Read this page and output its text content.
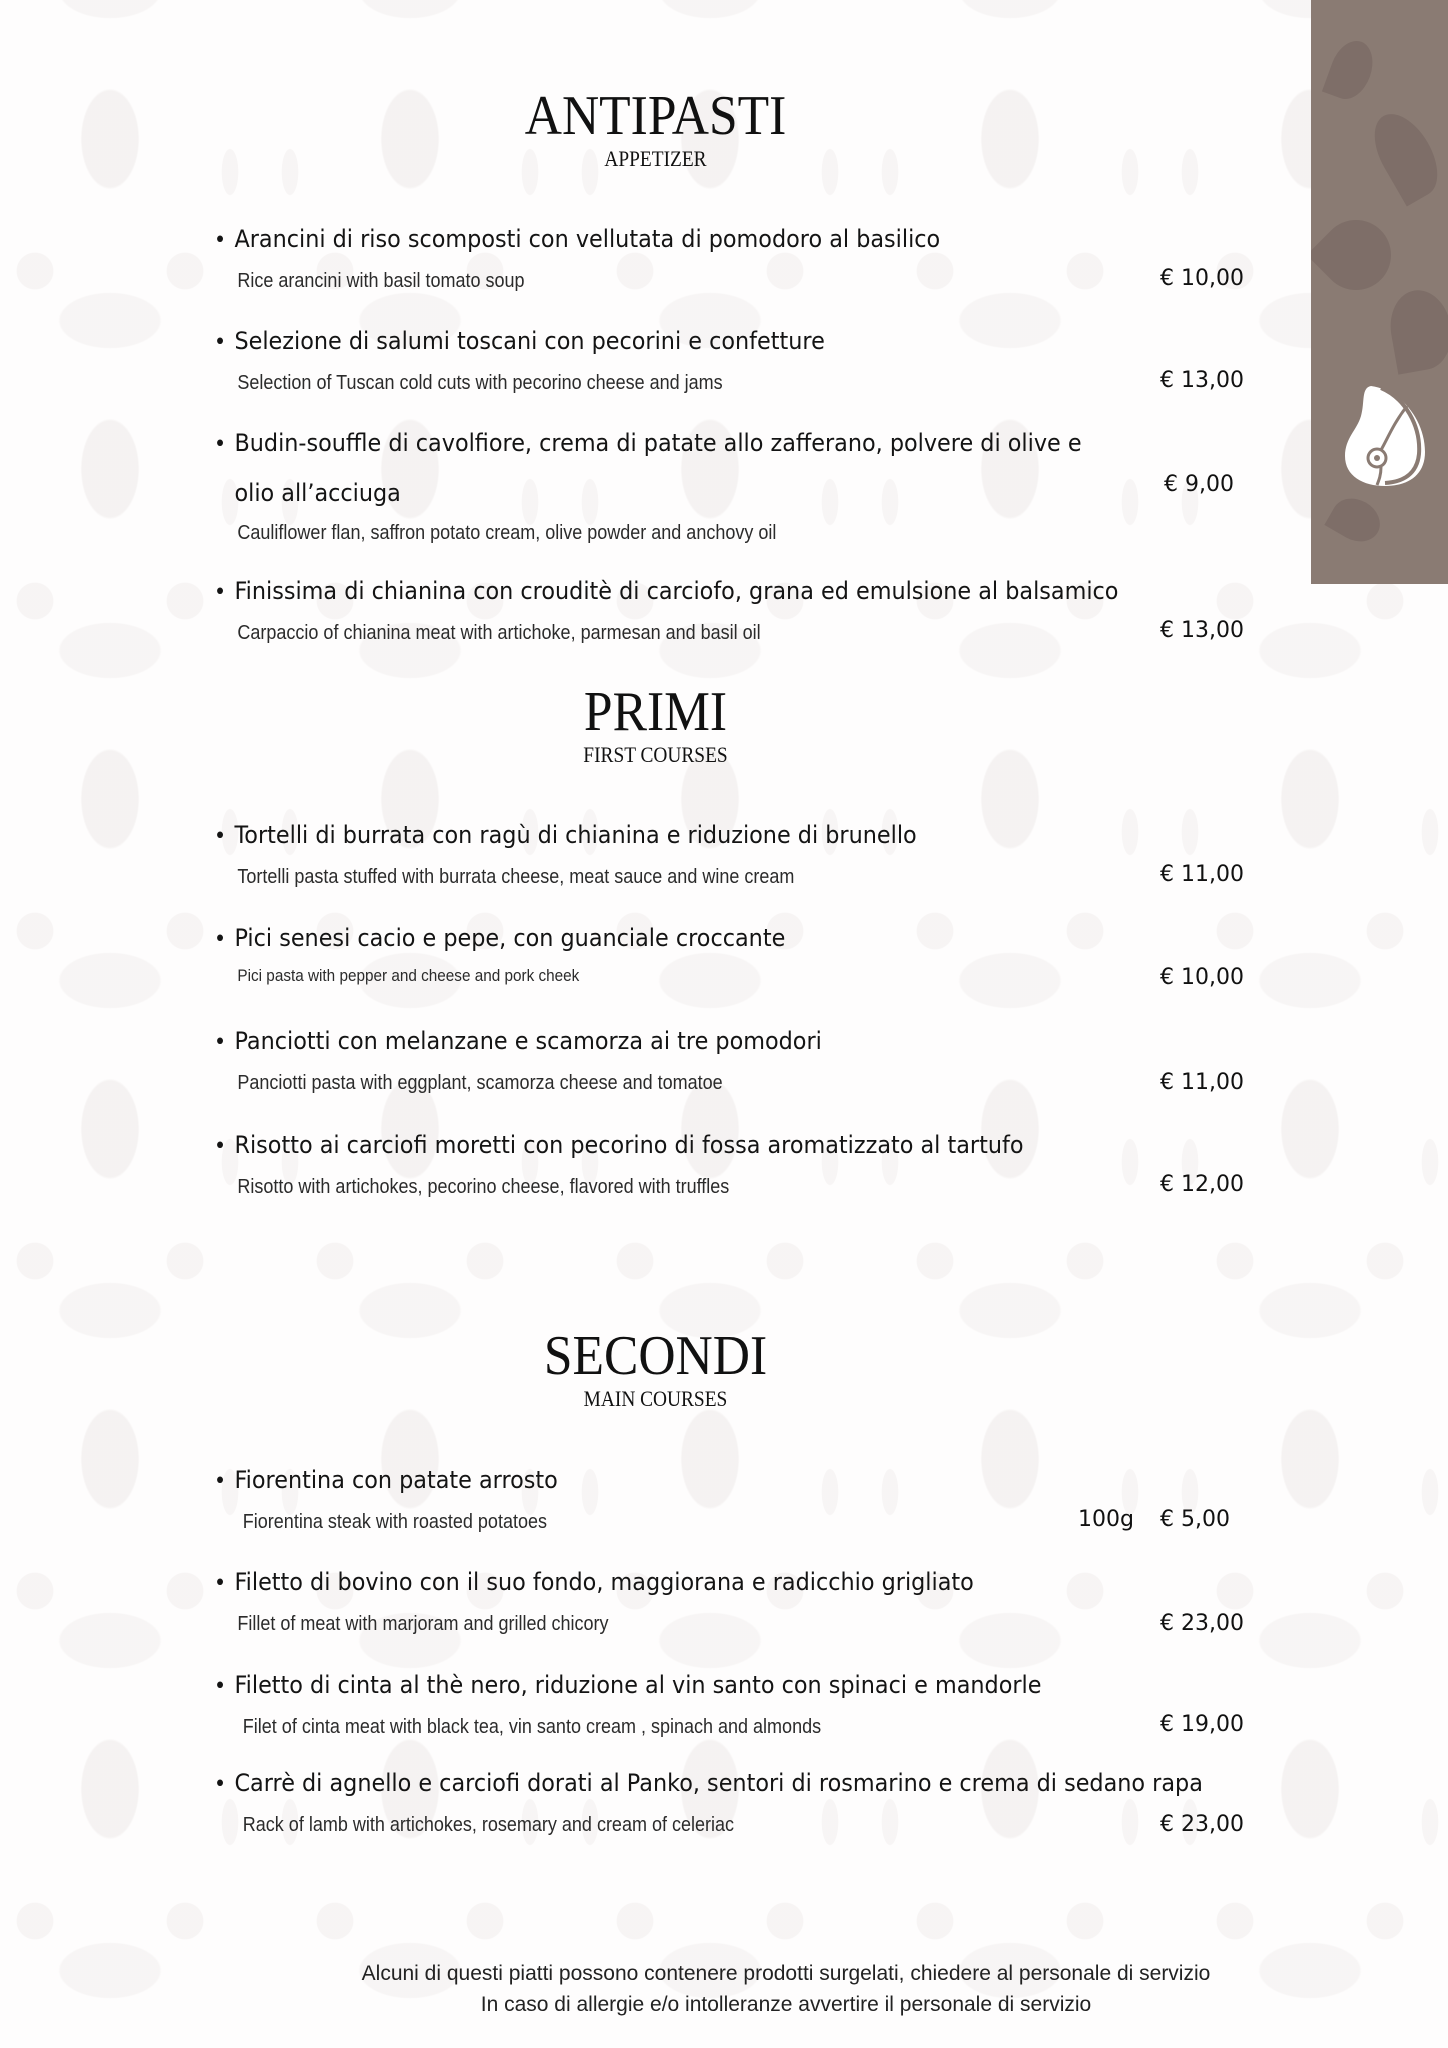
ANTIPASTI
APPETIZER
• Arancini di riso scomposti con vellutata di pomodoro al basilico
Rice arancini with basil tomato soup	€ 10,00
• Selezione di salumi toscani con pecorini e confetture
Selection of Tuscan cold cuts with pecorino cheese and jams	€ 13,00
• Budin-souffle di cavolfiore, crema di patate allo zafferano, polvere di olive e
olio all’acciuga
Cauliflower flan, saffron potato cream, olive powder and anchovy oil
€ 9,00
• Finissima di chianina con crouditè di carciofo, grana ed emulsione al balsamico
Carpaccio of chianina meat with artichoke, parmesan and basil oil	€ 13,00
PRIMI
FIRST COURSES
• Tortelli di burrata con ragù di chianina e riduzione di brunello
Tortelli pasta stuffed with burrata cheese, meat sauce and wine cream	€ 11,00
• Pici senesi cacio e pepe, con guanciale croccante
Pici pasta with pepper and cheese and pork cheek	€ 10,00
• Panciotti con melanzane e scamorza ai tre pomodori
Panciotti pasta with eggplant, scamorza cheese and tomatoe	€ 11,00
• Risotto ai carciofi moretti con pecorino di fossa aromatizzato al tartufo
Risotto with artichokes, pecorino cheese, flavored with truffles	€ 12,00
SECONDI
MAIN COURSES
• Fiorentina con patate arrosto
Fiorentina steak with roasted potatoes	100g € 5,00
• Filetto di bovino con il suo fondo, maggiorana e radicchio grigliato
Fillet of meat with marjoram and grilled chicory	€ 23,00
• Filetto di cinta al thè nero, riduzione al vin santo con spinaci e mandorle
Filet of cinta meat with black tea, vin santo cream , spinach and almonds	€ 19,00
• Carrè di agnello e carciofi dorati al Panko, sentori di rosmarino e crema di sedano rapa
Rack of lamb with artichokes, rosemary and cream of celeriac	€ 23,00
Alcuni di questi piatti possono contenere prodotti surgelati, chiedere al personale di servizio
In caso di allergie e/o intolleranze avvertire il personale di servizio
